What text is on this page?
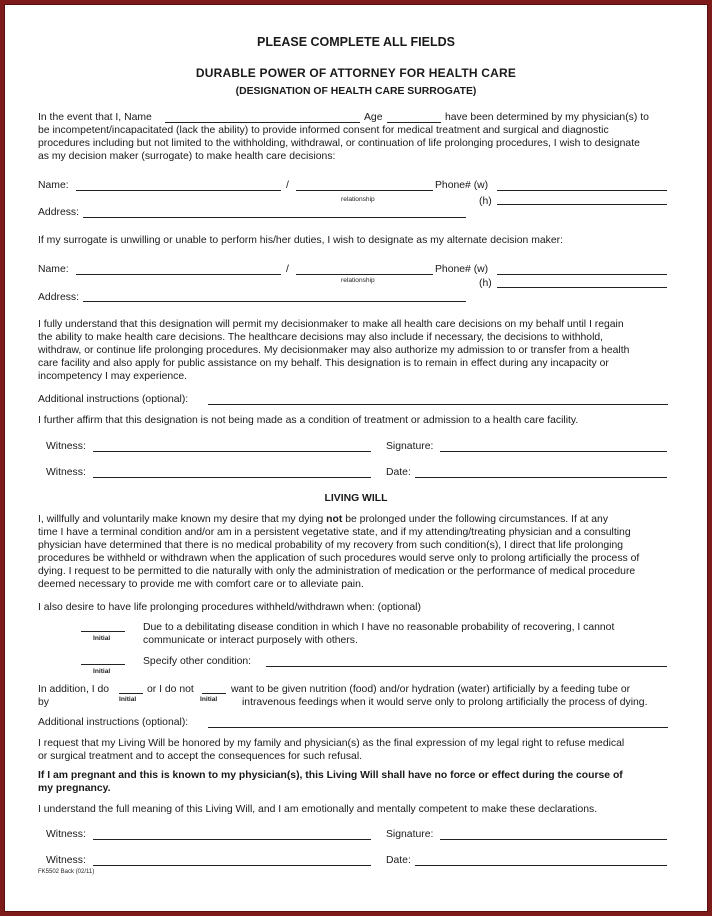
PLEASE COMPLETE ALL FIELDS
DURABLE POWER OF ATTORNEY FOR HEALTH CARE
(DESIGNATION OF HEALTH CARE SURROGATE)
In the event that I, Name	Age	have been determined by my physician(s) to
be incompetent/incapacitated (lack the ability) to provide informed consent for medical treatment and surgical and diagnostic
procedures including but not limited to the withholding, withdrawal, or continuation of life prolonging procedures, I wish to designate
as my decision maker (surrogate) to make health care decisions:
Name:	/
relationship
Phone# (w)
(h)
Address:
If my surrogate is unwilling or unable to perform his/her duties, I wish to designate as my alternate decision maker:
Name:	/
relationship
Phone# (w)
(h)
Address:
I fully understand that this designation will permit my decisionmaker to make all health care decisions on my behalf until I regain
the ability to make health care decisions. The healthcare decisions may also include if necessary, the decisions to withhold,
withdraw, or continue life prolonging procedures. My decisionmaker may also authorize my admission to or transfer from a health
care facility and also apply for public assistance on my behalf. This designation is to remain in effect during any incapacity or
incompetency I may experience.
Additional instructions (optional):
I further affirm that this designation is not being made as a condition of treatment or admission to a health care facility.
Witness:	Signature:
Witness:	Date:
LIVING WILL
I, willfully and voluntarily make known my desire that my dying not be prolonged under the following circumstances. If at any
time I have a terminal condition and/or am in a persistent vegetative state, and if my attending/treating physician and a consulting
physician have determined that there is no medical probability of my recovery from such condition(s), I direct that life prolonging
procedures be withheld or withdrawn when the application of such procedures would serve only to prolong artificially the process of
dying. I request to be permitted to die naturally with only the administration of medication or the performance of medical procedure
deemed necessary to provide me with comfort care or to alleviate pain.
I also desire to have life prolonging procedures withheld/withdrawn when: (optional)
Initial
Due to a debilitating disease condition in which I have no reasonable probability of recovering, I cannot
communicate or interact purposely with others.
Initial
Specify other condition:
In addition, I do	or I do not	want to be given nutrition (food) and/or hydration (water) artificially by a feeding tube or
by	Initial	Initial intravenous feedings when it would serve only to prolong artificially the process of dying.
Additional instructions (optional):
I request that my Living Will be honored by my family and physician(s) as the final expression of my legal right to refuse medical
or surgical treatment and to accept the consequences for such refusal.
If I am pregnant and this is known to my physician(s), this Living Will shall have no force or effect during the course of
my pregnancy.
I understand the full meaning of this Living Will, and I am emotionally and mentally competent to make these declarations.
Witness:	Signature:
Witness:	Date:
FK5502 Back (02/11)
